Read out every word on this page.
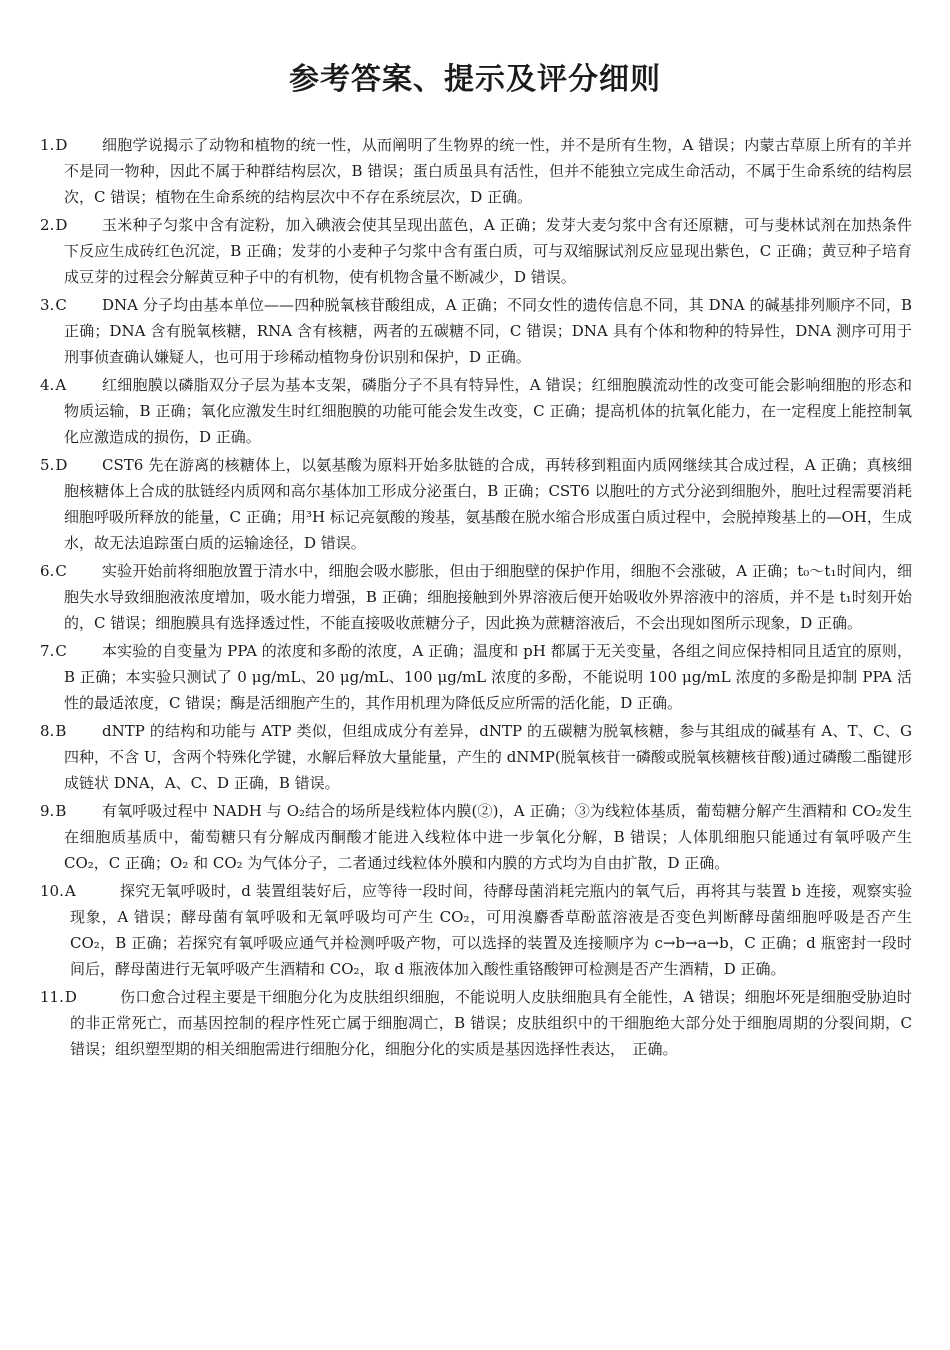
参考答案、提示及评分细则
1.D	细胞学说揭示了动物和植物的统一性，从而阐明了生物界的统一性，并不是所有生物，A 错误；内蒙古草原上所有的羊并不是同一物种，因此不属于种群结构层次，B 错误；蛋白质虽具有活性，但并不能独立完成生命活动，不属于生命系统的结构层次，C 错误；植物在生命系统的结构层次中不存在系统层次，D 正确。
2.D	玉米种子匀浆中含有淀粉，加入碘液会使其呈现出蓝色，A 正确；发芽大麦匀浆中含有还原糖，可与斐林试剂在加热条件下反应生成砖红色沉淀，B 正确；发芽的小麦种子匀浆中含有蛋白质，可与双缩脲试剂反应显现出紫色，C 正确；黄豆种子培育成豆芽的过程会分解黄豆种子中的有机物，使有机物含量不断减少，D 错误。
3.C	DNA 分子均由基本单位——四种脱氧核苷酸组成，A 正确；不同女性的遗传信息不同，其 DNA 的碱基排列顺序不同，B 正确；DNA 含有脱氧核糖，RNA 含有核糖，两者的五碳糖不同，C 错误；DNA 具有个体和物种的特异性，DNA 测序可用于刑事侦查确认嫌疑人，也可用于珍稀动植物身份识别和保护，D 正确。
4.A	红细胞膜以磷脂双分子层为基本支架，磷脂分子不具有特异性，A 错误；红细胞膜流动性的改变可能会影响细胞的形态和物质运输，B 正确；氧化应激发生时红细胞膜的功能可能会发生改变，C 正确；提高机体的抗氧化能力，在一定程度上能控制氧化应激造成的损伤，D 正确。
5.D	CST6 先在游离的核糖体上，以氨基酸为原料开始多肽链的合成，再转移到粗面内质网继续其合成过程，A 正确；真核细胞核糖体上合成的肽链经内质网和高尔基体加工形成分泌蛋白，B 正确；CST6 以胞吐的方式分泌到细胞外，胞吐过程需要消耗细胞呼吸所释放的能量，C 正确；用³H 标记亮氨酸的羧基，氨基酸在脱水缩合形成蛋白质过程中，会脱掉羧基上的—OH，生成水，故无法追踪蛋白质的运输途径，D 错误。
6.C	实验开始前将细胞放置于清水中，细胞会吸水膨胀，但由于细胞壁的保护作用，细胞不会涨破，A 正确；t₀～t₁时间内，细胞失水导致细胞液浓度增加，吸水能力增强，B 正确；细胞接触到外界溶液后便开始吸收外界溶液中的溶质，并不是 t₁时刻开始的，C 错误；细胞膜具有选择透过性，不能直接吸收蔗糖分子，因此换为蔗糖溶液后，不会出现如图所示现象，D 正确。
7.C	本实验的自变量为 PPA 的浓度和多酚的浓度，A 正确；温度和 pH 都属于无关变量，各组之间应保持相同且适宜的原则，B 正确；本实验只测试了 0 μg/mL、20 μg/mL、100 μg/mL 浓度的多酚，不能说明 100 μg/mL 浓度的多酚是抑制 PPA 活性的最适浓度，C 错误；酶是活细胞产生的，其作用机理为降低反应所需的活化能，D 正确。
8.B	dNTP 的结构和功能与 ATP 类似，但组成成分有差异，dNTP 的五碳糖为脱氧核糖，参与其组成的碱基有 A、T、C、G 四种，不含 U，含两个特殊化学键，水解后释放大量能量，产生的 dNMP(脱氧核苷一磷酸或脱氧核糖核苷酸)通过磷酸二酯键形成链状 DNA，A、C、D 正确，B 错误。
9.B	有氧呼吸过程中 NADH 与 O₂结合的场所是线粒体内膜(②)，A 正确；③为线粒体基质，葡萄糖分解产生酒精和 CO₂发生在细胞质基质中，葡萄糖只有分解成丙酮酸才能进入线粒体中进一步氧化分解，B 错误；人体肌细胞只能通过有氧呼吸产生 CO₂，C 正确；O₂ 和 CO₂ 为气体分子，二者通过线粒体外膜和内膜的方式均为自由扩散，D 正确。
10.A	探究无氧呼吸时，d 装置组装好后，应等待一段时间，待酵母菌消耗完瓶内的氧气后，再将其与装置 b 连接，观察实验现象，A 错误；酵母菌有氧呼吸和无氧呼吸均可产生 CO₂，可用溴麝香草酚蓝溶液是否变色判断酵母菌细胞呼吸是否产生 CO₂，B 正确；若探究有氧呼吸应通气并检测呼吸产物，可以选择的装置及连接顺序为 c→b→a→b，C 正确；d 瓶密封一段时间后，酵母菌进行无氧呼吸产生酒精和 CO₂，取 d 瓶液体加入酸性重铬酸钾可检测是否产生酒精，D 正确。
11.D	伤口愈合过程主要是干细胞分化为皮肤组织细胞，不能说明人皮肤细胞具有全能性，A 错误；细胞坏死是细胞受胁迫时的非正常死亡，而基因控制的程序性死亡属于细胞凋亡，B 错误；皮肤组织中的干细胞绝大部分处于细胞周期的分裂间期，C 错误；组织塑型期的相关细胞需进行细胞分化，细胞分化的实质是基因选择性表达，　正确。
